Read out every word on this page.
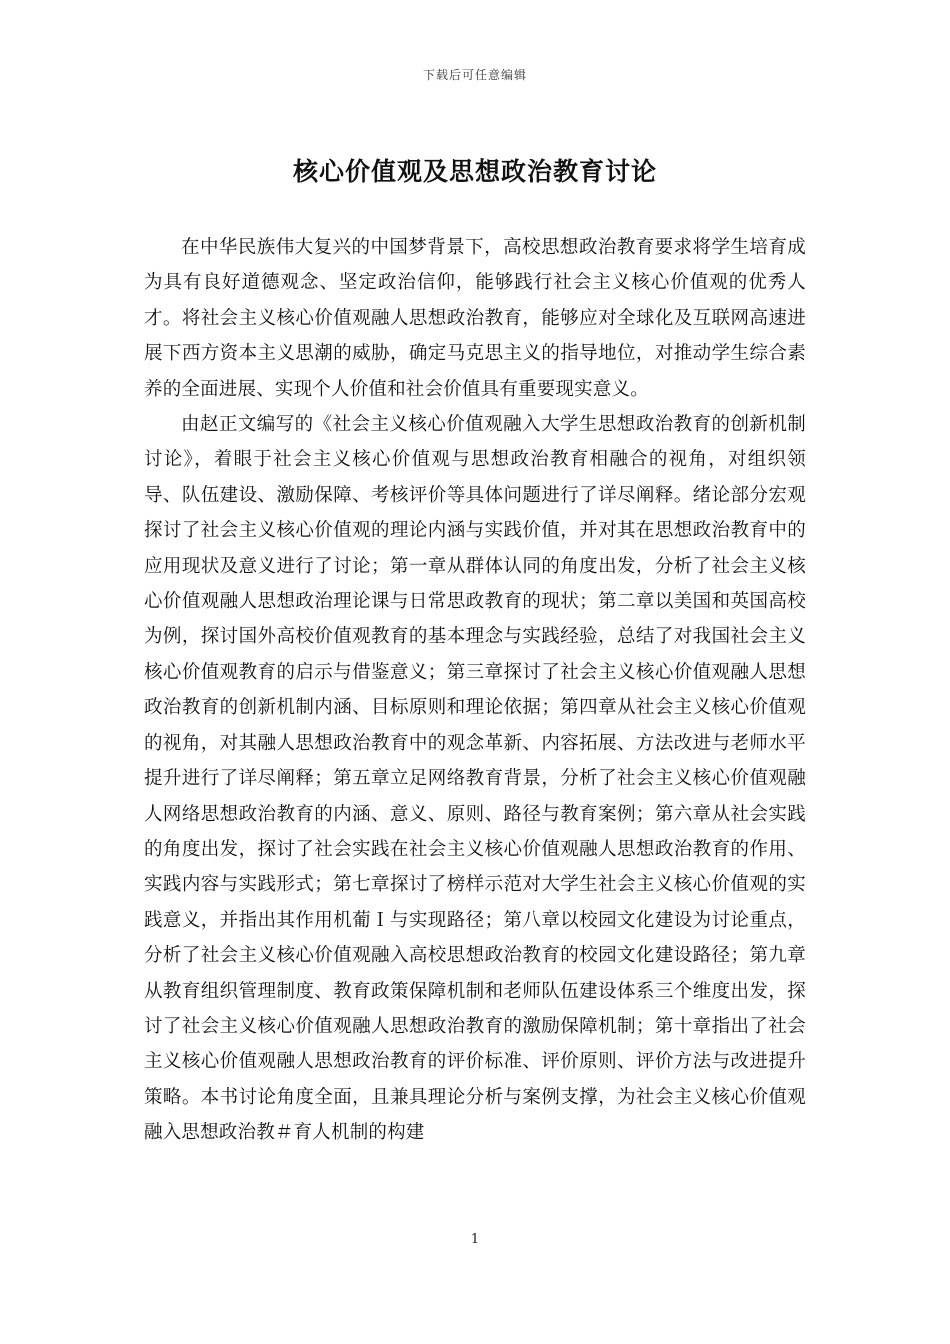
下载后可任意编辑
核心价值观及思想政治教育讨论

在中华民族伟大复兴的中国梦背景下，高校思想政治教育要求将学生培育成为具有良好道德观念、坚定政治信仰，能够践行社会主义核心价值观的优秀人才。将社会主义核心价值观融人思想政治教育，能够应对全球化及互联网高速进展下西方资本主义思潮的威胁，确定马克思主义的指导地位，对推动学生综合素养的全面进展、实现个人价值和社会价值具有重要现实意义。

由赵正文编写的《社会主义核心价值观融入大学生思想政治教育的创新机制讨论》，着眼于社会主义核心价值观与思想政治教育相融合的视角，对组织领导、队伍建设、激励保障、考核评价等具体问题进行了详尽阐释。绪论部分宏观探讨了社会主义核心价值观的理论内涵与实践价值，并对其在思想政治教育中的应用现状及意义进行了讨论；第一章从群体认同的角度出发，分析了社会主义核心价值观融人思想政治理论课与日常思政教育的现状；第二章以美国和英国高校为例，探讨国外高校价值观教育的基本理念与实践经验，总结了对我国社会主义核心价值观教育的启示与借鉴意义；第三章探讨了社会主义核心价值观融人思想政治教育的创新机制内涵、目标原则和理论依据；第四章从社会主义核心价值观的视角，对其融人思想政治教育中的观念革新、内容拓展、方法改进与老师水平提升进行了详尽阐释；第五章立足网络教育背景，分析了社会主义核心价值观融人网络思想政治教育的内涵、意义、原则、路径与教育案例；第六章从社会实践的角度出发，探讨了社会实践在社会主义核心价值观融人思想政治教育的作用、实践内容与实践形式；第七章探讨了榜样示范对大学生社会主义核心价值观的实践意义，并指出其作用机葡Ｉ与实现路径；第八章以校园文化建设为讨论重点，分析了社会主义核心价值观融入高校思想政治教育的校园文化建设路径；第九章从教育组织管理制度、教育政策保障机制和老师队伍建设体系三个维度出发，探讨了社会主义核心价值观融人思想政治教育的激励保障机制；第十章指出了社会主义核心价值观融人思想政治教育的评价标准、评价原则、评价方法与改进提升策略。本书讨论角度全面，且兼具理论分析与案例支撑，为社会主义核心价值观融入思想政治教＃育人机制的构建

1
